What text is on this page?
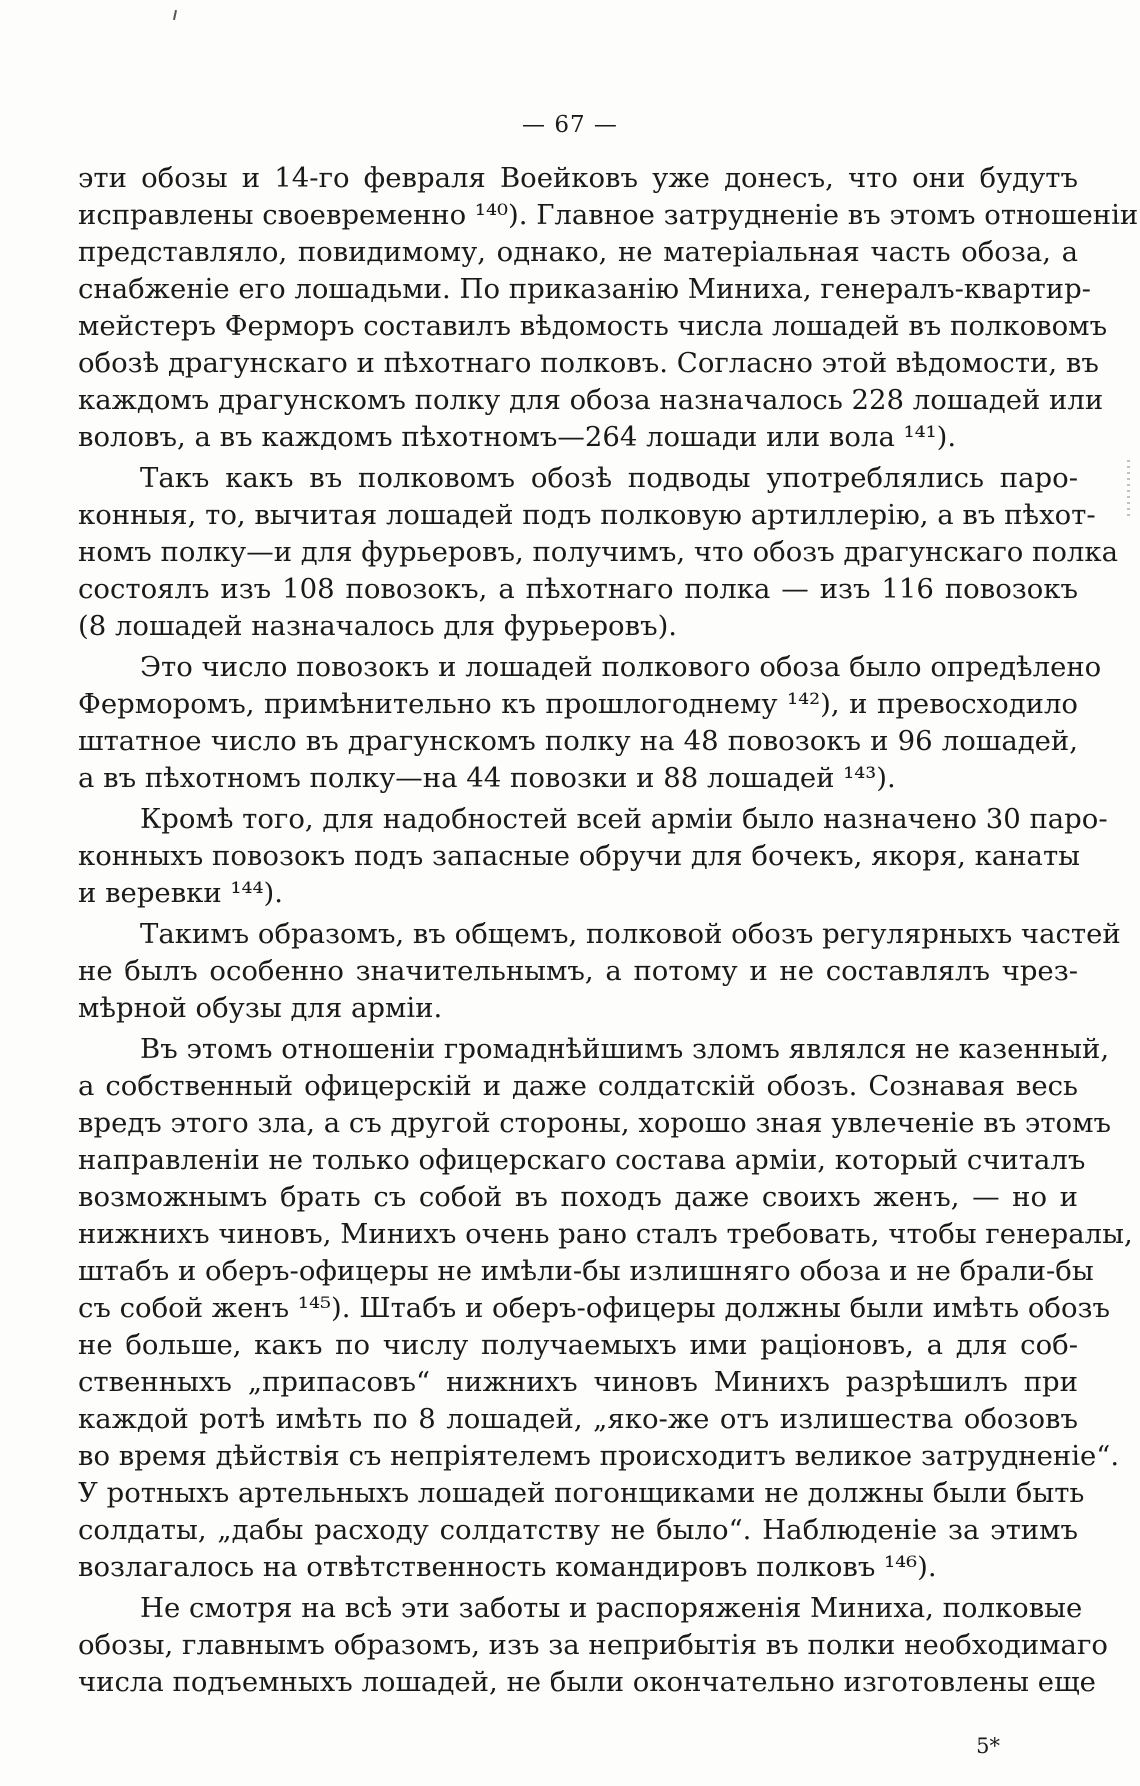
— 67 —
эти обозы и 14-го февраля Воейковъ уже донесъ, что они будутъ
исправлены своевременно ¹⁴⁰). Главное затрудненіе въ этомъ отношеніи
представляло, повидимому, однако, не матеріальная часть обоза, а
снабженіе его лошадьми. По приказанію Миниха, генералъ-квартир-
мейстеръ Ферморъ составилъ вѣдомость числа лошадей въ полковомъ
обозѣ драгунскаго и пѣхотнаго полковъ. Согласно этой вѣдомости, въ
каждомъ драгунскомъ полку для обоза назначалось 228 лошадей или
воловъ, а въ каждомъ пѣхотномъ—264 лошади или вола ¹⁴¹).
Такъ какъ въ полковомъ обозѣ подводы употреблялись паро-
конныя, то, вычитая лошадей подъ полковую артиллерію, а въ пѣхот-
номъ полку—и для фурьеровъ, получимъ, что обозъ драгунскаго полка
состоялъ изъ 108 повозокъ, а пѣхотнаго полка — изъ 116 повозокъ
(8 лошадей назначалось для фурьеровъ).
Это число повозокъ и лошадей полкового обоза было опредѣлено
Ферморомъ, примѣнительно къ прошлогоднему ¹⁴²), и превосходило
штатное число въ драгунскомъ полку на 48 повозокъ и 96 лошадей,
а въ пѣхотномъ полку—на 44 повозки и 88 лошадей ¹⁴³).
Кромѣ того, для надобностей всей арміи было назначено 30 паро-
конныхъ повозокъ подъ запасные обручи для бочекъ, якоря, канаты
и веревки ¹⁴⁴).
Такимъ образомъ, въ общемъ, полковой обозъ регулярныхъ частей
не былъ особенно значительнымъ, а потому и не составлялъ чрез-
мѣрной обузы для арміи.
Въ этомъ отношеніи громаднѣйшимъ зломъ являлся не казенный,
а собственный офицерскій и даже солдатскій обозъ. Сознавая весь
вредъ этого зла, а съ другой стороны, хорошо зная увлеченіе въ этомъ
направленіи не только офицерскаго состава арміи, который считалъ
возможнымъ брать съ собой въ походъ даже своихъ женъ, — но и
нижнихъ чиновъ, Минихъ очень рано сталъ требовать, чтобы генералы,
штабъ и оберъ-офицеры не имѣли-бы излишняго обоза и не брали-бы
съ собой женъ ¹⁴⁵). Штабъ и оберъ-офицеры должны были имѣть обозъ
не больше, какъ по числу получаемыхъ ими раціоновъ, а для соб-
ственныхъ „припасовъ“ нижнихъ чиновъ Минихъ разрѣшилъ при
каждой ротѣ имѣть по 8 лошадей, „яко-же отъ излишества обозовъ
во время дѣйствія съ непріятелемъ происходитъ великое затрудненіе“.
У ротныхъ артельныхъ лошадей погонщиками не должны были быть
солдаты, „дабы расходу солдатству не было“. Наблюденіе за этимъ
возлагалось на отвѣтственность командировъ полковъ ¹⁴⁶).
Не смотря на всѣ эти заботы и распоряженія Миниха, полковые
обозы, главнымъ образомъ, изъ за неприбытія въ полки необходимаго
числа подъемныхъ лошадей, не были окончательно изготовлены еще
5*
